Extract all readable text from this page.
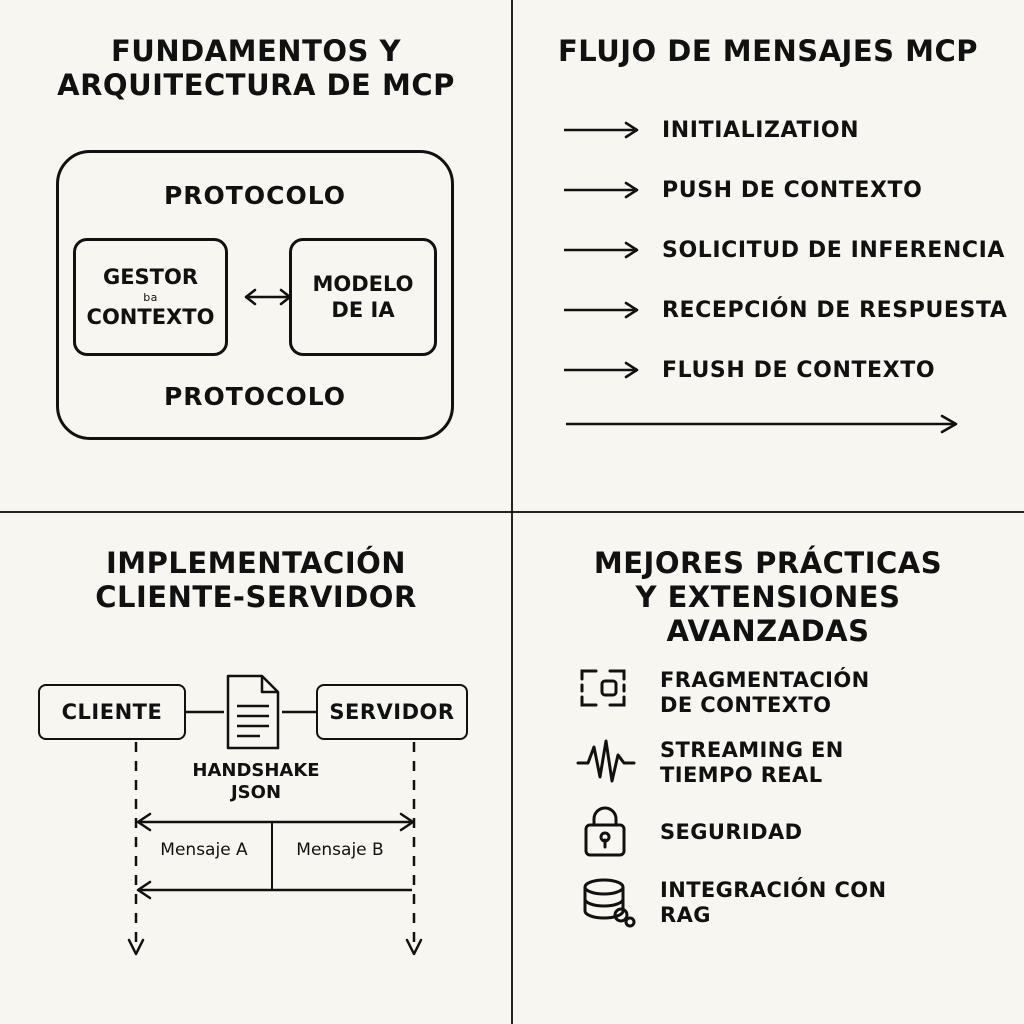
FUNDAMENTOS Y
ARQUITECTURA DE MCP
PROTOCOLO
GESTOR
ba
CONTEXTO
MODELO
DE IA
PROTOCOLO
FLUJO DE MENSAJES MCP
INITIALIZATION
PUSH DE CONTEXTO
SOLICITUD DE INFERENCIA
RECEPCIÓN DE RESPUESTA
FLUSH DE CONTEXTO
IMPLEMENTACIÓN
CLIENTE-SERVIDOR
CLIENTE	SERVIDOR
HANDSHAKE
JSON
Mensaje A	Mensaje B
MEJORES PRÁCTICAS
Y EXTENSIONES AVANZADAS
FRAGMENTACIÓN
DE CONTEXTO
STREAMING EN
TIEMPO REAL
SEGURIDAD
INTEGRACIÓN CON
RAG
